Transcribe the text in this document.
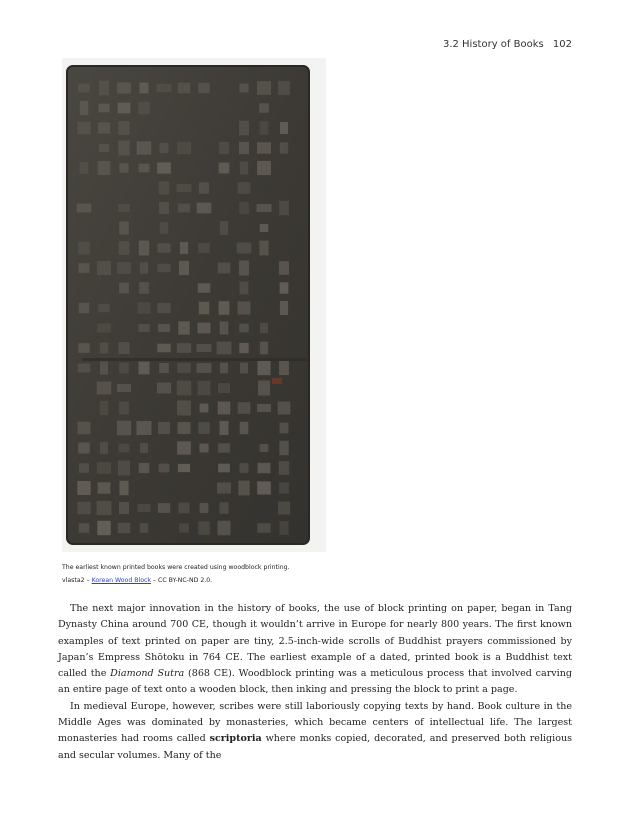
3.2 History of Books 102
The earliest known printed books were created using woodblock printing.
vlasta2 – Korean Wood Block – CC BY-NC-ND 2.0.

The next major innovation in the history of books, the use of block printing on paper, began in Tang Dynasty China around 700 CE, though it wouldn’t arrive in Europe for nearly 800 years. The first known examples of text printed on paper are tiny, 2.5-inch-wide scrolls of Buddhist prayers commissioned by Japan’s Empress Shōtoku in 764 CE. The earliest example of a dated, printed book is a Buddhist text called the Diamond Sutra (868 CE). Woodblock printing was a meticulous process that involved carving an entire page of text onto a wooden block, then inking and pressing the block to print a page.

In medieval Europe, however, scribes were still laboriously copying texts by hand. Book culture in the Middle Ages was dominated by monasteries, which became centers of intellectual life. The largest monasteries had rooms called scriptoria where monks copied, decorated, and preserved both religious and secular volumes. Many of the
